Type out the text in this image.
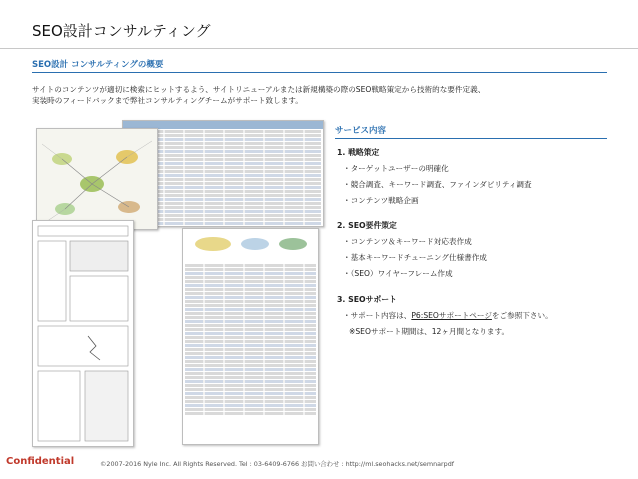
SEO設計コンサルティング
SEO設計 コンサルティングの概要
サイトのコンテンツが適切に検索にヒットするよう、サイトリニューアルまたは新規構築の際のSEO戦略策定から技術的な要件定義、
実装時のフィードバックまで弊社コンサルティングチームがサポート致します。
サービス内容
1. 戦略策定
・ターゲットユーザーの明確化
・競合調査、キーワード調査、ファインダビリティ調査
・コンテンツ戦略企画
2. SEO要件策定
・コンテンツ＆キーワード対応表作成
・基本キーワードチューニング仕様書作成
・（SEO）ワイヤーフレーム作成
3. SEOサポート
・サポート内容は、P6:SEOサポートページをご参照下さい。
※SEOサポート期間は、12ヶ月間となります。
Confidential	©2007-2016 Nyle Inc. All Rights Reserved. Tel : 03-6409-6766 お問い合わせ : http://ml.seohacks.net/semnarpdf
